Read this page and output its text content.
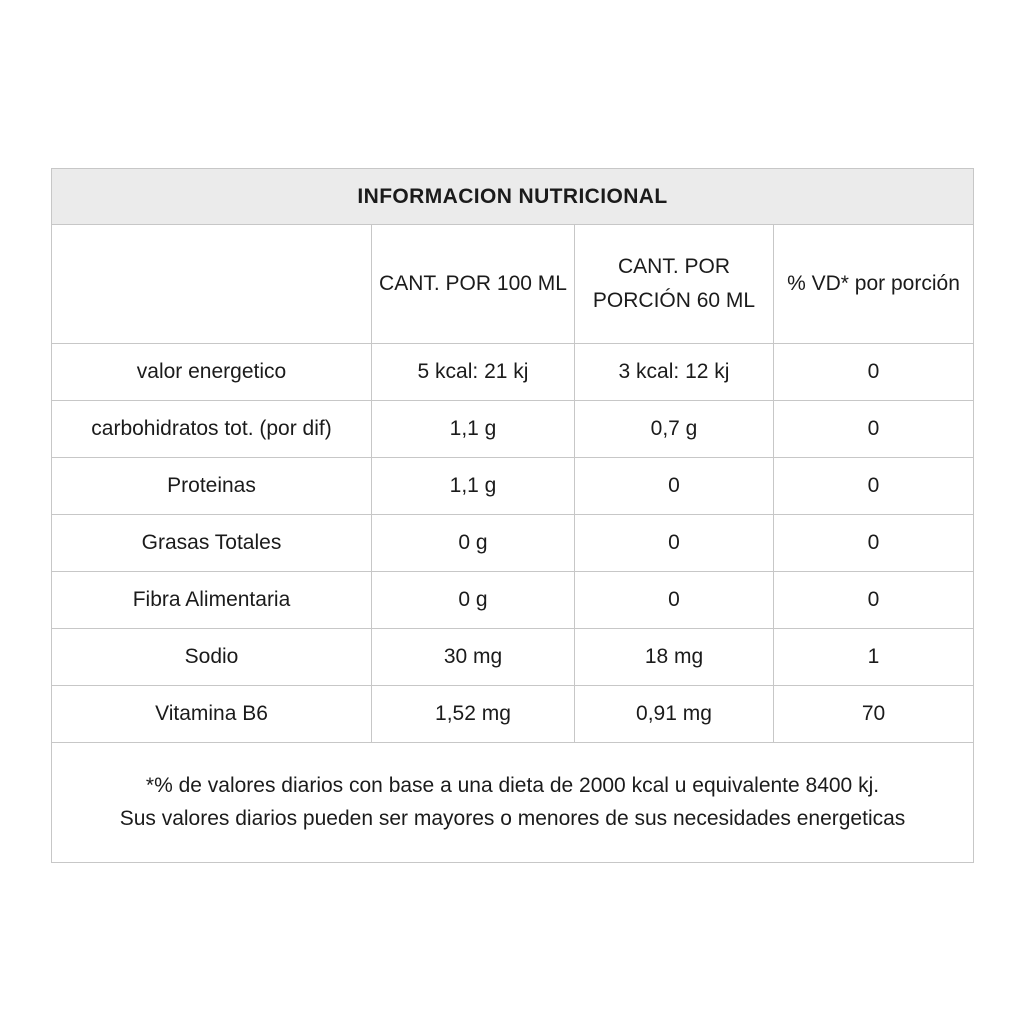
INFORMACION NUTRICIONAL			
	CANT. POR 100 ML	CANT. POR PORCIÓN 60 ML	% VD* por porción
valor energetico	5 kcal: 21 kj	3 kcal: 12 kj	0
carbohidratos tot. (por dif)	1,1 g	0,7 g	0
Proteinas	1,1 g	0	0
Grasas Totales	0 g	0	0
Fibra Alimentaria	0 g	0	0
Sodio	30 mg	18 mg	1
Vitamina B6	1,52 mg	0,91 mg	70

*% de valores diarios con base a una dieta de 2000 kcal u equivalente 8400 kj.
Sus valores diarios pueden ser mayores o menores de sus necesidades energeticas			
